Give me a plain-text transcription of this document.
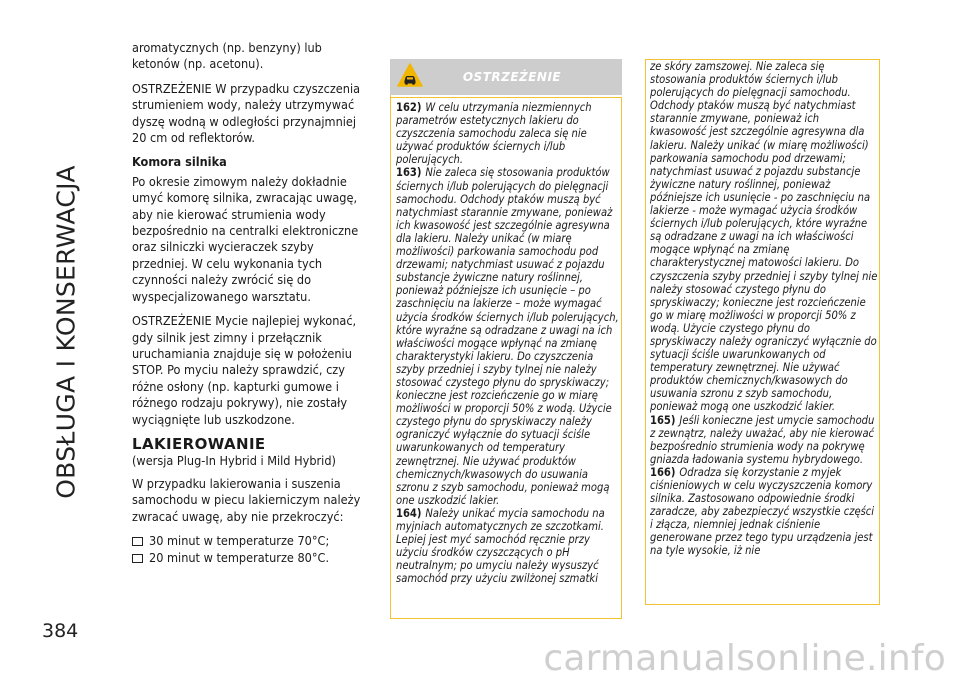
OBSŁUGA I KONSERWACJA
384

aromatycznych (np. benzyny) lub ketonów (np. acetonu).

OSTRZEŻENIE W przypadku czyszczenia strumieniem wody, należy utrzymywać dyszę wodną w odległości przynajmniej 20 cm od reflektorów.

Komora silnika

Po okresie zimowym należy dokładnie umyć komorę silnika, zwracając uwagę, aby nie kierować strumienia wody bezpośrednio na centralki elektroniczne oraz silniczki wycieraczek szyby przedniej. W celu wykonania tych czynności należy zwrócić się do wyspecjalizowanego warsztatu.

OSTRZEŻENIE Mycie najlepiej wykonać, gdy silnik jest zimny i przełącznik uruchamiania znajduje się w położeniu STOP. Po myciu należy sprawdzić, czy różne osłony (np. kapturki gumowe i różnego rodzaju pokrywy), nie zostały wyciągnięte lub uszkodzone.

LAKIEROWANIE

(wersja Plug-In Hybrid i Mild Hybrid)

W przypadku lakierowania i suszenia samochodu w piecu lakierniczym należy zwracać uwagę, aby nie przekroczyć:

30 minut w temperaturze 70°C;
20 minut w temperaturze 80°C.
OSTRZEŻENIE

162) W celu utrzymania niezmiennych parametrów estetycznych lakieru do czyszczenia samochodu zaleca się nie używać produktów ściernych i/lub polerujących.

163) Nie zaleca się stosowania produktów ściernych i/lub polerujących do pielęgnacji samochodu. Odchody ptaków muszą być natychmiast starannie zmywane, ponieważ ich kwasowość jest szczególnie agresywna dla lakieru. Należy unikać (w miarę możliwości) parkowania samochodu pod drzewami; natychmiast usuwać z pojazdu substancje żywiczne natury roślinnej, ponieważ późniejsze ich usunięcie – po zaschnięciu na lakierze – może wymagać użycia środków ściernych i/lub polerujących, które wyraźne są odradzane z uwagi na ich właściwości mogące wpłynąć na zmianę charakterystyki lakieru. Do czyszczenia szyby przedniej i szyby tylnej nie należy stosować czystego płynu do spryskiwaczy; konieczne jest rozcieńczenie go w miarę możliwości w proporcji 50% z wodą. Użycie czystego płynu do spryskiwaczy należy ograniczyć wyłącznie do sytuacji ściśle uwarunkowanych od temperatury zewnętrznej. Nie używać produktów chemicznych/kwasowych do usuwania szronu z szyb samochodu, ponieważ mogą one uszkodzić lakier.

164) Należy unikać mycia samochodu na myjniach automatycznych ze szczotkami. Lepiej jest myć samochód ręcznie przy użyciu środków czyszczących o pH neutralnym; po umyciu należy wysuszyć samochód przy użyciu zwilżonej szmatki

ze skóry zamszowej. Nie zaleca się stosowania produktów ściernych i/lub polerujących do pielęgnacji samochodu. Odchody ptaków muszą być natychmiast starannie zmywane, ponieważ ich kwasowość jest szczególnie agresywna dla lakieru. Należy unikać (w miarę możliwości) parkowania samochodu pod drzewami; natychmiast usuwać z pojazdu substancje żywiczne natury roślinnej, ponieważ późniejsze ich usunięcie - po zaschnięciu na lakierze - może wymagać użycia środków ściernych i/lub polerujących, które wyraźne są odradzane z uwagi na ich właściwości mogące wpłynąć na zmianę charakterystycznej matowości lakieru. Do czyszczenia szyby przedniej i szyby tylnej nie należy stosować czystego płynu do spryskiwaczy; konieczne jest rozcieńczenie go w miarę możliwości w proporcji 50% z wodą. Użycie czystego płynu do spryskiwaczy należy ograniczyć wyłącznie do sytuacji ściśle uwarunkowanych od temperatury zewnętrznej. Nie używać produktów chemicznych/kwasowych do usuwania szronu z szyb samochodu, ponieważ mogą one uszkodzić lakier.

165) Jeśli konieczne jest umycie samochodu z zewnątrz, należy uważać, aby nie kierować bezpośrednio strumienia wody na pokrywę gniazda ładowania systemu hybrydowego.

166) Odradza się korzystanie z myjek ciśnieniowych w celu wyczyszczenia komory silnika. Zastosowano odpowiednie środki zaradcze, aby zabezpieczyć wszystkie części i złącza, niemniej jednak ciśnienie generowane przez tego typu urządzenia jest na tyle wysokie, iż nie

carmanualsonline.info
